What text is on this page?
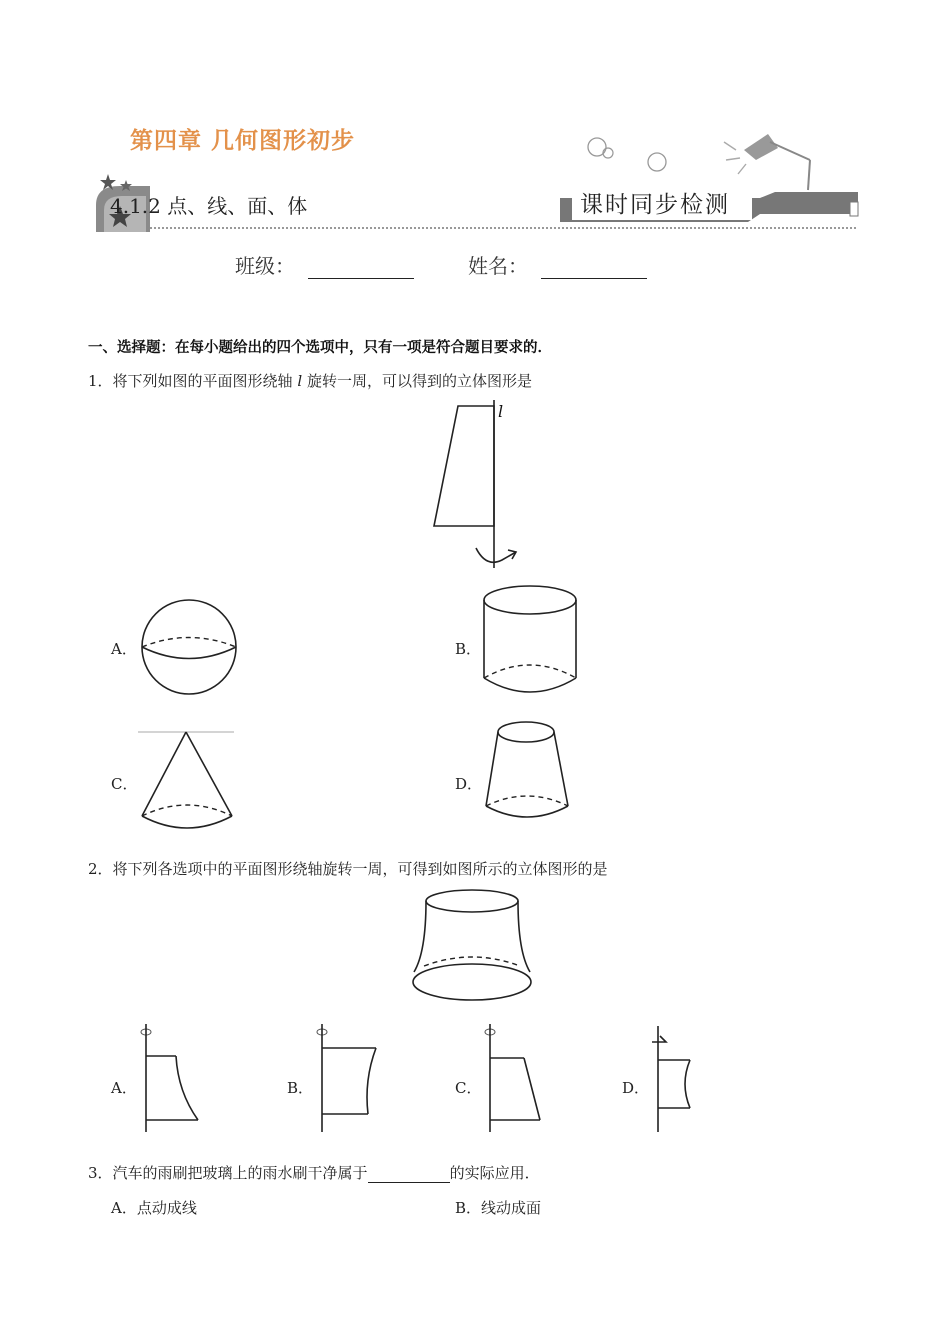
第四章 几何图形初步
4.1.2 点、线、面、体	课时同步检测
班级：	姓名：
一、选择题：在每小题给出的四个选项中，只有一项是符合题目要求的．
1．将下列如图的平面图形绕轴 l 旋转一周，可以得到的立体图形是
l
A．	B．
C．	D．
2．将下列各选项中的平面图形绕轴旋转一周，可得到如图所示的立体图形的是
A．	B．	C．	D．
3．汽车的雨刷把玻璃上的雨水刷干净属于	的实际应用．
A．点动成线	B．线动成面
